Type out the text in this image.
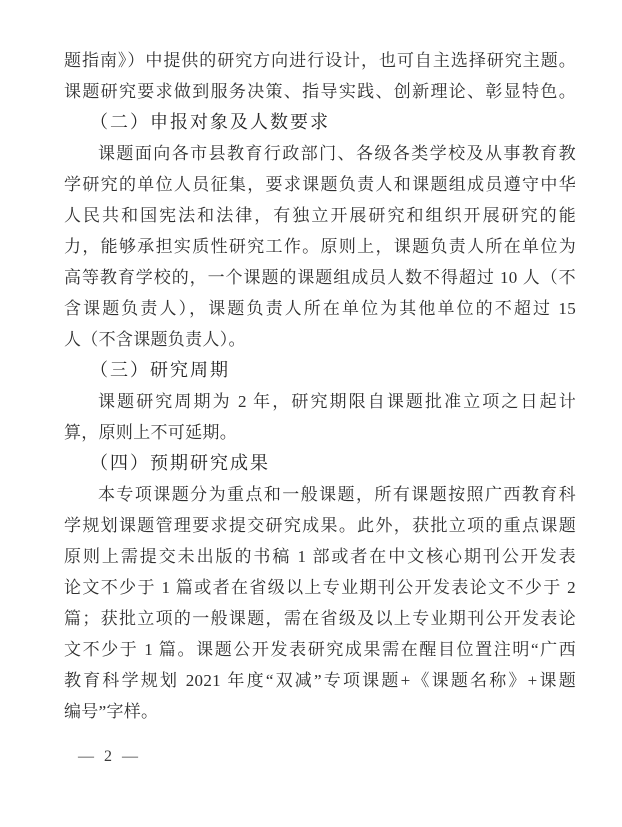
题指南》）中提供的研究方向进行设计，也可自主选择研究主题。
课题研究要求做到服务决策、指导实践、创新理论、彰显特色。
（二）申报对象及人数要求
课题面向各市县教育行政部门、各级各类学校及从事教育教
学研究的单位人员征集，要求课题负责人和课题组成员遵守中华
人民共和国宪法和法律，有独立开展研究和组织开展研究的能
力，能够承担实质性研究工作。原则上，课题负责人所在单位为
高等教育学校的，一个课题的课题组成员人数不得超过 10 人（不
含课题负责人），课题负责人所在单位为其他单位的不超过 15
人（不含课题负责人）。
（三）研究周期
课题研究周期为 2 年，研究期限自课题批准立项之日起计
算，原则上不可延期。
（四）预期研究成果
本专项课题分为重点和一般课题，所有课题按照广西教育科
学规划课题管理要求提交研究成果。此外，获批立项的重点课题
原则上需提交未出版的书稿 1 部或者在中文核心期刊公开发表
论文不少于 1 篇或者在省级以上专业期刊公开发表论文不少于 2
篇；获批立项的一般课题，需在省级及以上专业期刊公开发表论
文不少于 1 篇。课题公开发表研究成果需在醒目位置注明“广西
教育科学规划 2021 年度“双减”专项课题+《课题名称》+课题
编号”字样。
— 2 —
